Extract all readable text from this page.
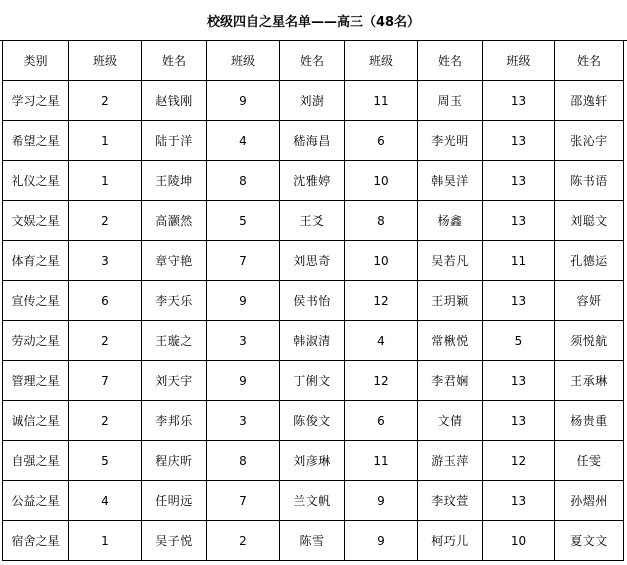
校级四自之星名单——高三（48名）
类别	班级	姓名	班级	姓名	班级	姓名	班级	姓名
学习之星	2	赵钱刚	9	刘澍	11	周玉	13	邵逸轩
希望之星	1	陆于洋	4	嵇海昌	6	李光明	13	张沁宇
礼仪之星	1	王陵坤	8	沈雅婷	10	韩昊洋	13	陈书语
文娱之星	2	高灏然	5	王爻	8	杨鑫	13	刘聪文
体育之星	3	章守艳	7	刘思奇	10	吴若凡	11	孔德运
宣传之星	6	李天乐	9	侯书怡	12	王玥颖	13	容妍
劳动之星	2	王璇之	3	韩淑清	4	常楸悦	5	须悦航
管理之星	7	刘天宇	9	丁俐文	12	李君娴	13	王承琳
诚信之星	2	李邦乐	3	陈俊文	6	文倩	13	杨贵重
自强之星	5	程庆昕	8	刘彦琳	11	游玉萍	12	任雯
公益之星	4	任明远	7	兰文帆	9	李玟萱	13	孙熠州
宿舍之星	1	吴子悦	2	陈雪	9	柯巧儿	10	夏文文
